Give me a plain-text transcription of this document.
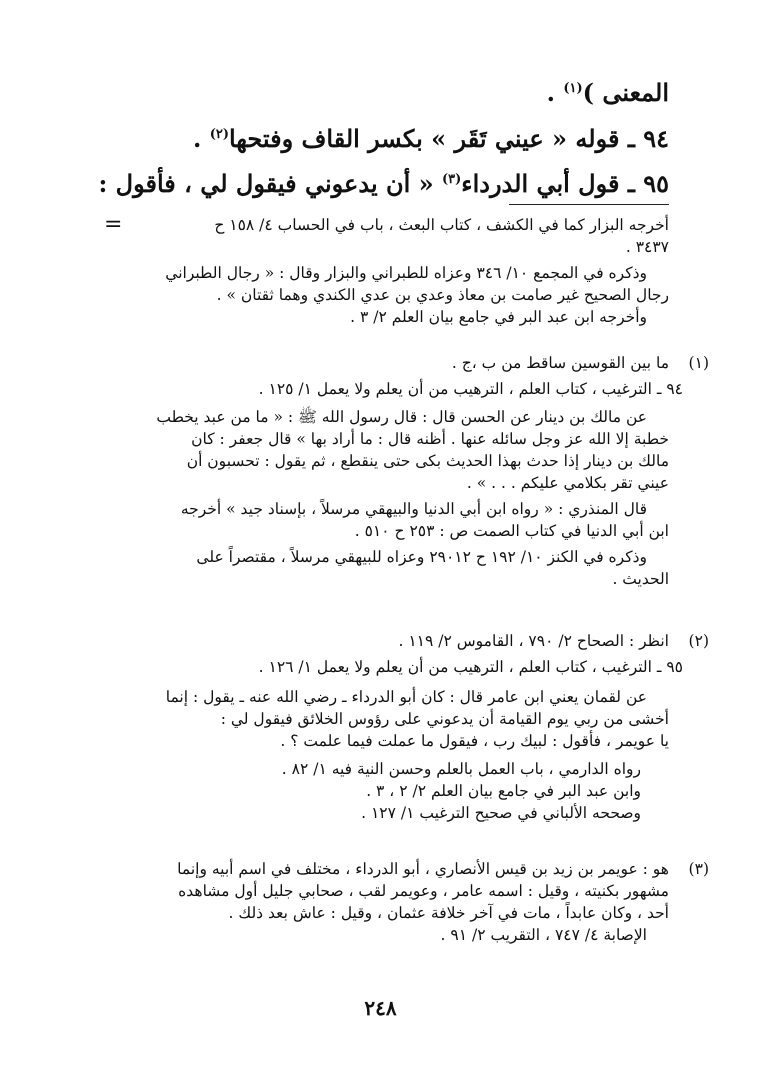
المعنى )$^{(١)}$ .
٩٤ ـ قوله « عيني تَقَر » بكسر القاف وفتحها$^{(٢)}$ .
٩٥ ـ قول أبي الدرداء$^{(٣)}$ « أن يدعوني فيقول لي ، فأقول :
=	أخرجه البزار كما في الكشف ، كتاب البعث ، باب في الحساب ٤/ ١٥٨ ح
٣٤٣٧ .
وذكره في المجمع ١٠/ ٣٤٦ وعزاه للطبراني والبزار وقال : « رجال الطبراني
رجال الصحيح غير صامت بن معاذ وعدي بن عدي الكندي وهما ثقتان » .
وأخرجه ابن عبد البر في جامع بيان العلم ٢/ ٣ .
(١)
ما بين القوسين ساقط من ب ،ج .
٩٤ ـ الترغيب ، كتاب العلم ، الترهيب من أن يعلم ولا يعمل ١/ ١٢٥ .
عن مالك بن دينار عن الحسن قال : قال رسول الله ﷺ : « ما من عبد يخطب
خطبة إلا الله عز وجل سائله عنها . أظنه قال : ما أراد بها » قال جعفر : كان
مالك بن دينار إذا حدث بهذا الحديث بكى حتى ينقطع ، ثم يقول : تحسبون أن
عيني تقر بكلامي عليكم . . . » .
قال المنذري : « رواه ابن أبي الدنيا والبيهقي مرسلاً ، بإسناد جيد » أخرجه
ابن أبي الدنيا في كتاب الصمت ص : ٢٥٣ ح ٥١٠ .
وذكره في الكنز ١٠/ ١٩٢ ح ٢٩٠١٢ وعزاه للبيهقي مرسلاً ، مقتصراً على
الحديث .
(٢)
انظر : الصحاح ٢/ ٧٩٠ ، القاموس ٢/ ١١٩ .
٩٥ ـ الترغيب ، كتاب العلم ، الترهيب من أن يعلم ولا يعمل ١/ ١٢٦ .
عن لقمان يعني ابن عامر قال : كان أبو الدرداء ـ رضي الله عنه ـ يقول : إنما
أخشى من ربي يوم القيامة أن يدعوني على رؤوس الخلائق فيقول لي :
يا عويمر ، فأقول : لبيك رب ، فيقول ما عملت فيما علمت ؟ .
رواه الدارمي ، باب العمل بالعلم وحسن النية فيه ١/ ٨٢ .
وابن عبد البر في جامع بيان العلم ٢/ ٢ ، ٣ .
وصححه الألباني في صحيح الترغيب ١/ ١٢٧ .
(٣)
هو : عويمر بن زيد بن قيس الأنصاري ، أبو الدرداء ، مختلف في اسم أبيه وإنما
مشهور بكنيته ، وقيل : اسمه عامر ، وعويمر لقب ، صحابي جليل أول مشاهده
أحد ، وكان عابداً ، مات في آخر خلافة عثمان ، وقيل : عاش بعد ذلك .
الإصابة ٤/ ٧٤٧ ، التقريب ٢/ ٩١ .
٢٤٨
